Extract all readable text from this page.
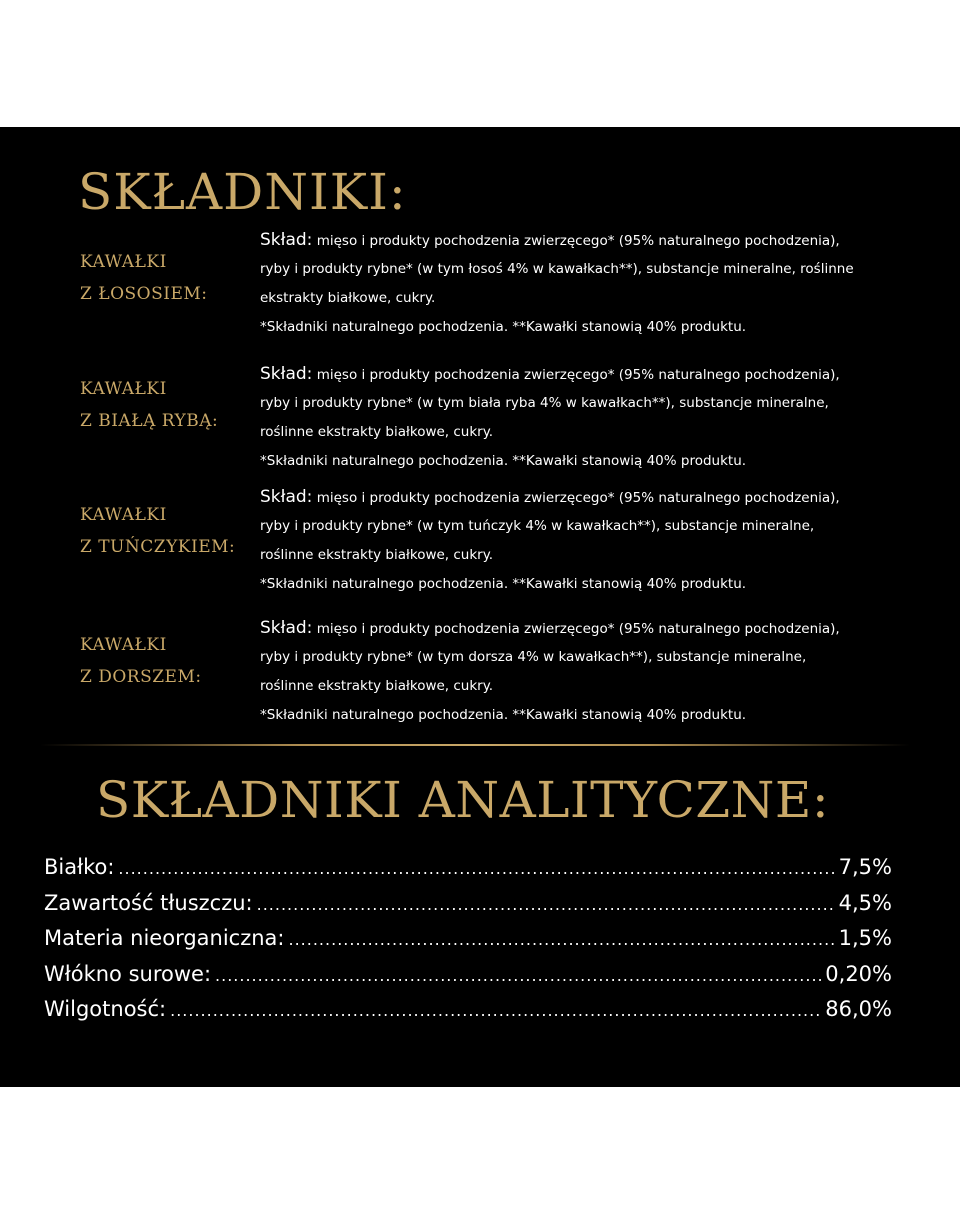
SKŁADNIKI:
KAWAŁKI
Z ŁOSOSIEM:
Skład: mięso i produkty pochodzenia zwierzęcego* (95% naturalnego pochodzenia),
ryby i produkty rybne* (w tym łosoś 4% w kawałkach**), substancje mineralne, roślinne
ekstrakty białkowe, cukry.
*Składniki naturalnego pochodzenia. **Kawałki stanowią 40% produktu.
KAWAŁKI
Z BIAŁĄ RYBĄ:
Skład: mięso i produkty pochodzenia zwierzęcego* (95% naturalnego pochodzenia),
ryby i produkty rybne* (w tym biała ryba 4% w kawałkach**), substancje mineralne,
roślinne ekstrakty białkowe, cukry.
*Składniki naturalnego pochodzenia. **Kawałki stanowią 40% produktu.
KAWAŁKI
Z TUŃCZYKIEM:
Skład: mięso i produkty pochodzenia zwierzęcego* (95% naturalnego pochodzenia),
ryby i produkty rybne* (w tym tuńczyk 4% w kawałkach**), substancje mineralne,
roślinne ekstrakty białkowe, cukry.
*Składniki naturalnego pochodzenia. **Kawałki stanowią 40% produktu.
KAWAŁKI
Z DORSZEM:
Skład: mięso i produkty pochodzenia zwierzęcego* (95% naturalnego pochodzenia),
ryby i produkty rybne* (w tym dorsza 4% w kawałkach**), substancje mineralne,
roślinne ekstrakty białkowe, cukry.
*Składniki naturalnego pochodzenia. **Kawałki stanowią 40% produktu.
SKŁADNIKI ANALITYCZNE:
Białko: .....	7,5%
Zawartość tłuszczu: .....	4,5%
Materia nieorganiczna: .....	1,5%
Włókno surowe: .....	0,20%
Wilgotność: .....	86,0%
